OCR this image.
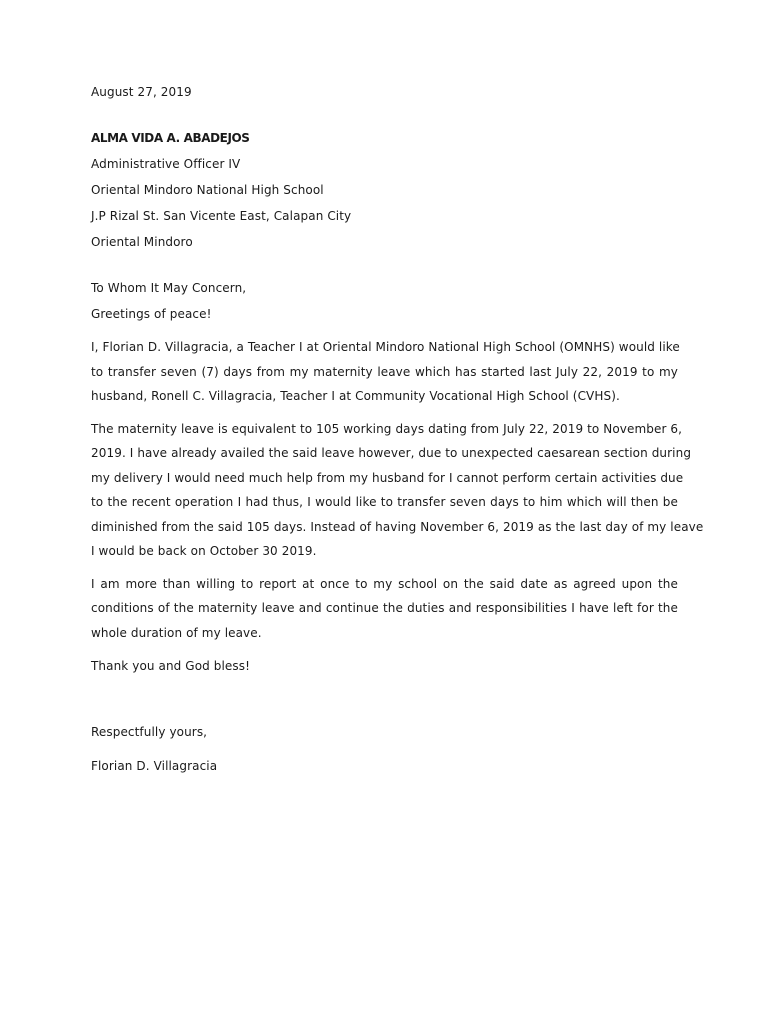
August 27, 2019
ALMA VIDA A. ABADEJOS
Administrative Officer IV
Oriental Mindoro National High School
J.P Rizal St. San Vicente East, Calapan City
Oriental Mindoro
To Whom It May Concern,
Greetings of peace!
I, Florian D. Villagracia, a Teacher I at Oriental Mindoro National High School (OMNHS) would like
to transfer seven (7) days from my maternity leave which has started last July 22, 2019 to my
husband, Ronell C. Villagracia, Teacher I at Community Vocational High School (CVHS).
The maternity leave is equivalent to 105 working days dating from July 22, 2019 to November 6,
2019. I have already availed the said leave however, due to unexpected caesarean section during
my delivery I would need much help from my husband for I cannot perform certain activities due
to the recent operation I had thus, I would like to transfer seven days to him which will then be
diminished from the said 105 days. Instead of having November 6, 2019 as the last day of my leave
I would be back on October 30 2019.
I am more than willing to report at once to my school on the said date as agreed upon the
conditions of the maternity leave and continue the duties and responsibilities I have left for the
whole duration of my leave.
Thank you and God bless!
Respectfully yours,
Florian D. Villagracia
